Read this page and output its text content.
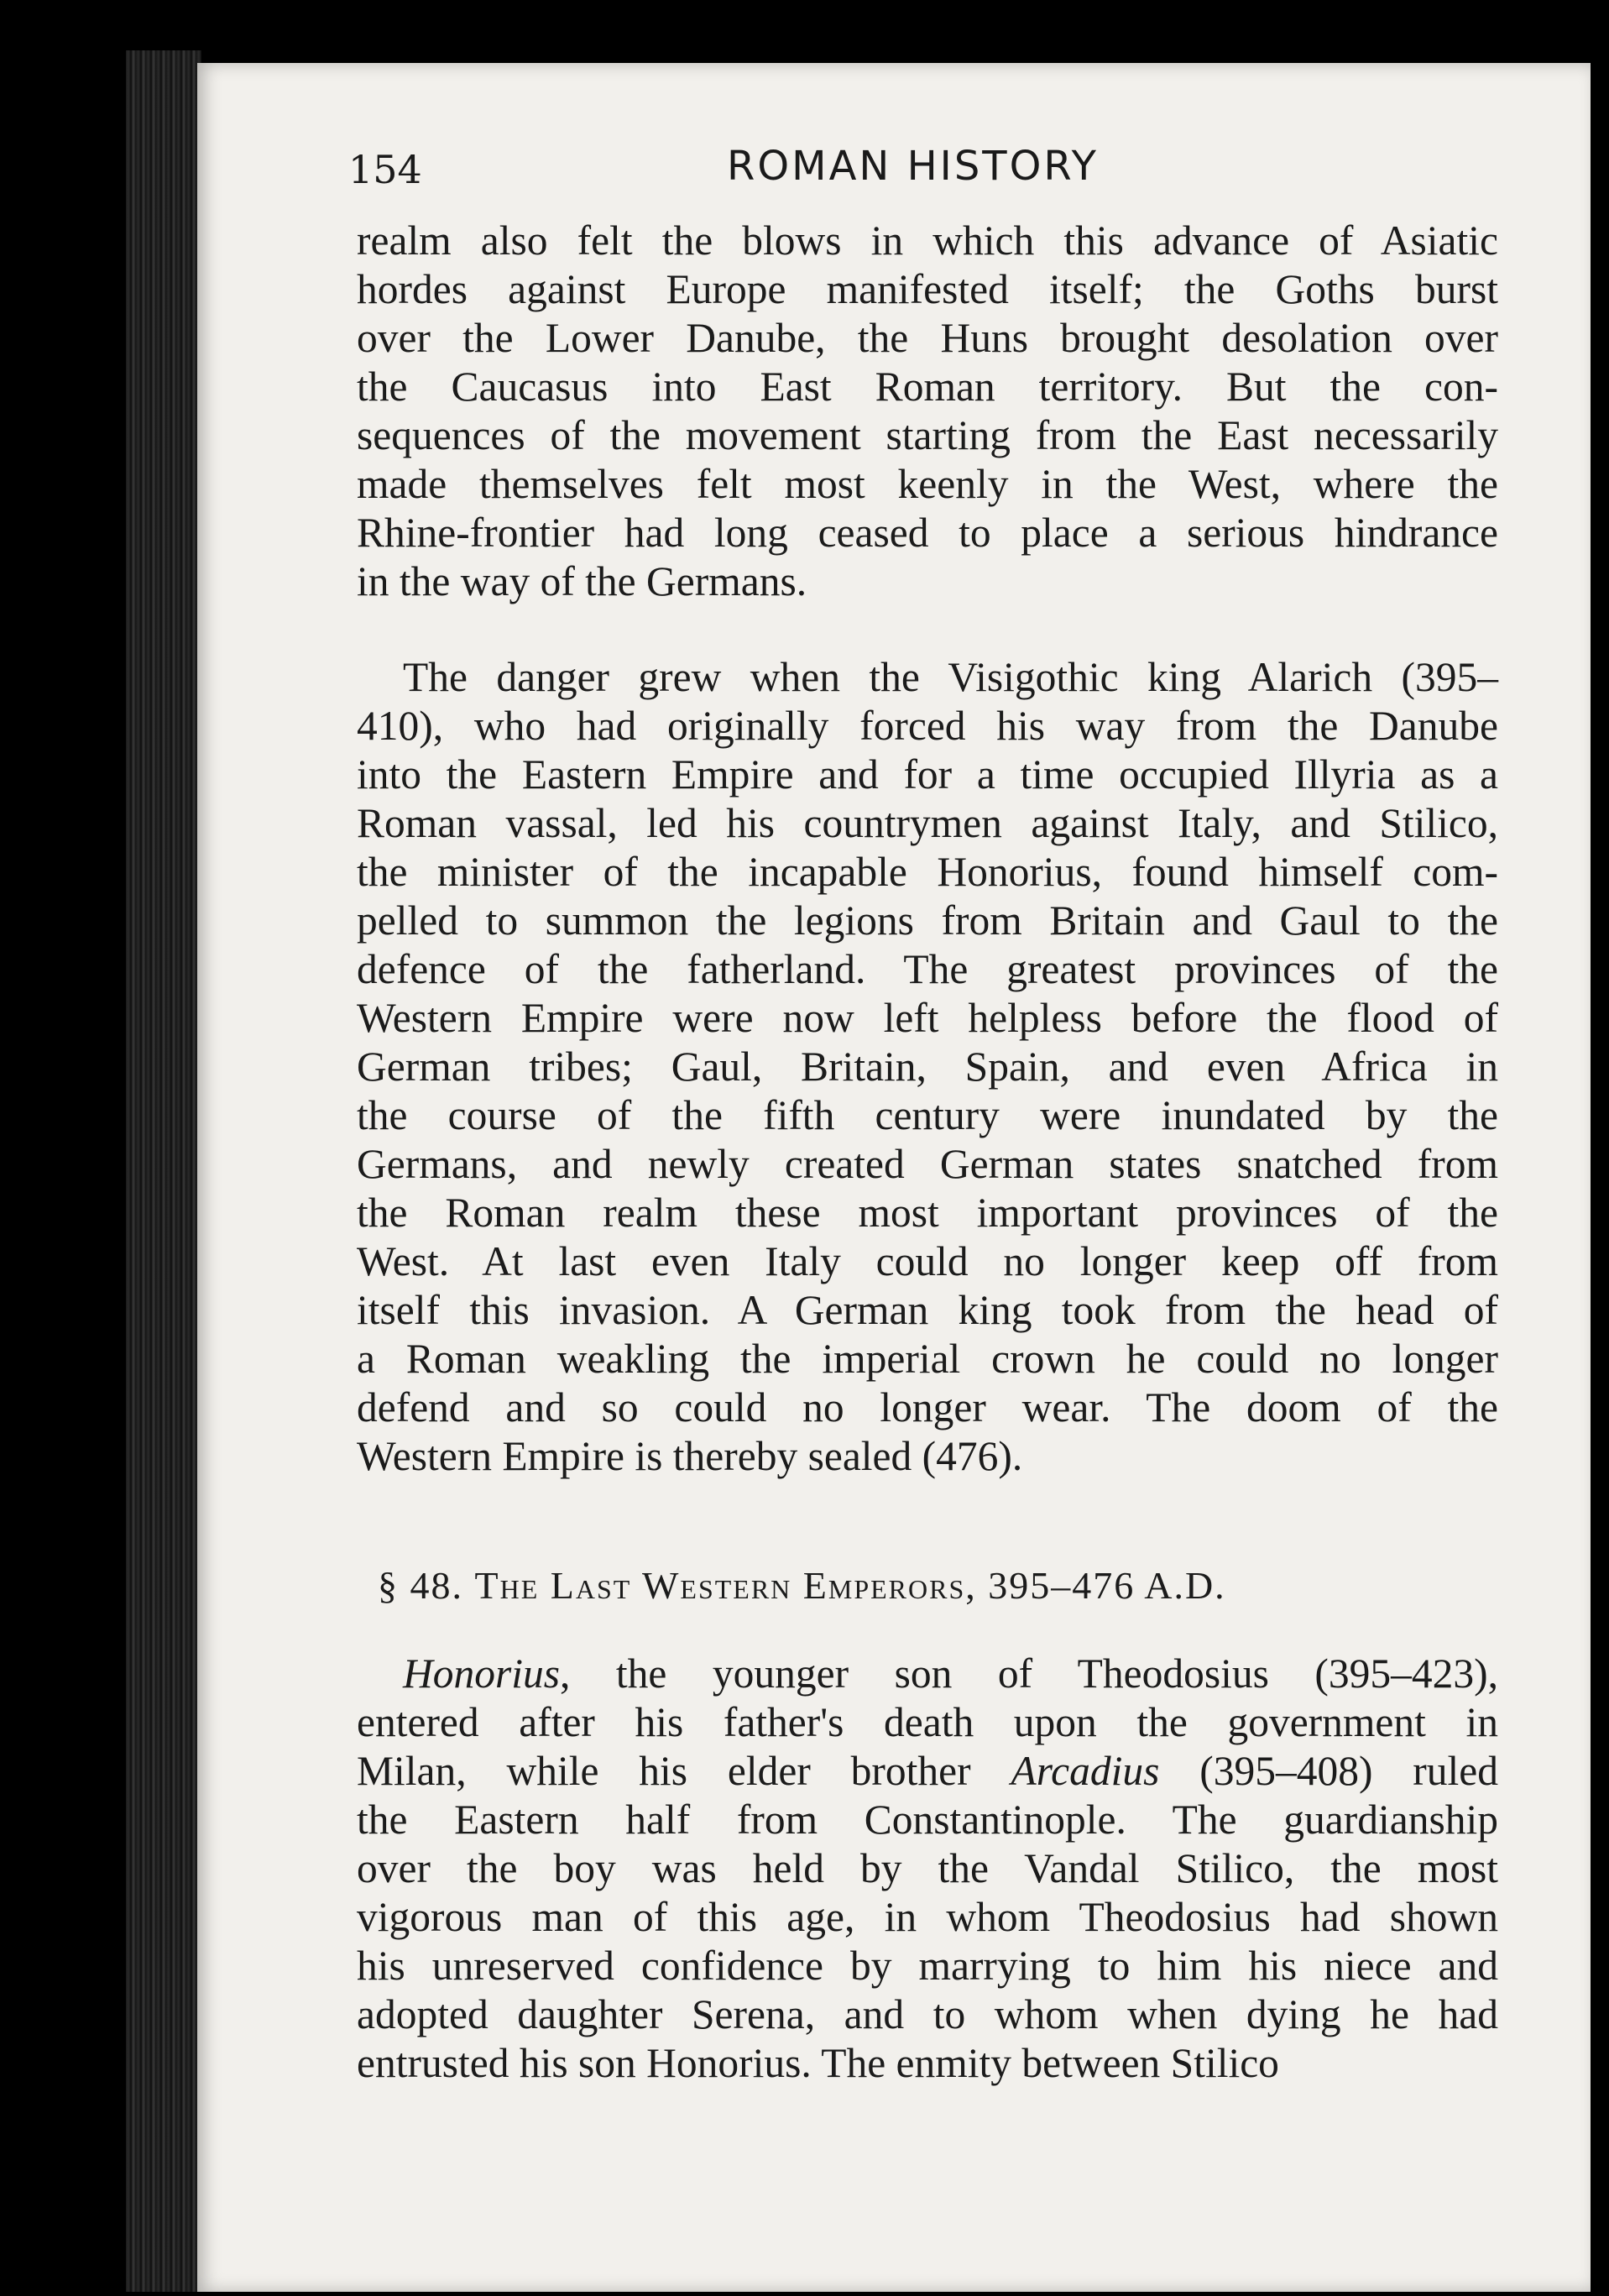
154	ROMAN HISTORY
realm also felt the blows in which this advance of Asiatic
hordes against Europe manifested itself; the Goths burst
over the Lower Danube, the Huns brought desolation over
the Caucasus into East Roman territory. But the con-
sequences of the movement starting from the East necessarily
made themselves felt most keenly in the West, where the
Rhine-frontier had long ceased to place a serious hindrance
in the way of the Germans.
The danger grew when the Visigothic king Alarich (395–
410), who had originally forced his way from the Danube
into the Eastern Empire and for a time occupied Illyria as a
Roman vassal, led his countrymen against Italy, and Stilico,
the minister of the incapable Honorius, found himself com-
pelled to summon the legions from Britain and Gaul to the
defence of the fatherland. The greatest provinces of the
Western Empire were now left helpless before the flood of
German tribes; Gaul, Britain, Spain, and even Africa in
the course of the fifth century were inundated by the
Germans, and newly created German states snatched from
the Roman realm these most important provinces of the
West. At last even Italy could no longer keep off from
itself this invasion. A German king took from the head of
a Roman weakling the imperial crown he could no longer
defend and so could no longer wear. The doom of the
Western Empire is thereby sealed (476).
§ 48. The Last Western Emperors, 395–476 A.D.
Honorius, the younger son of Theodosius (395–423),
entered after his father's death upon the government in
Milan, while his elder brother Arcadius (395–408) ruled
the Eastern half from Constantinople. The guardianship
over the boy was held by the Vandal Stilico, the most
vigorous man of this age, in whom Theodosius had shown
his unreserved confidence by marrying to him his niece and
adopted daughter Serena, and to whom when dying he had
entrusted his son Honorius. The enmity between Stilico
